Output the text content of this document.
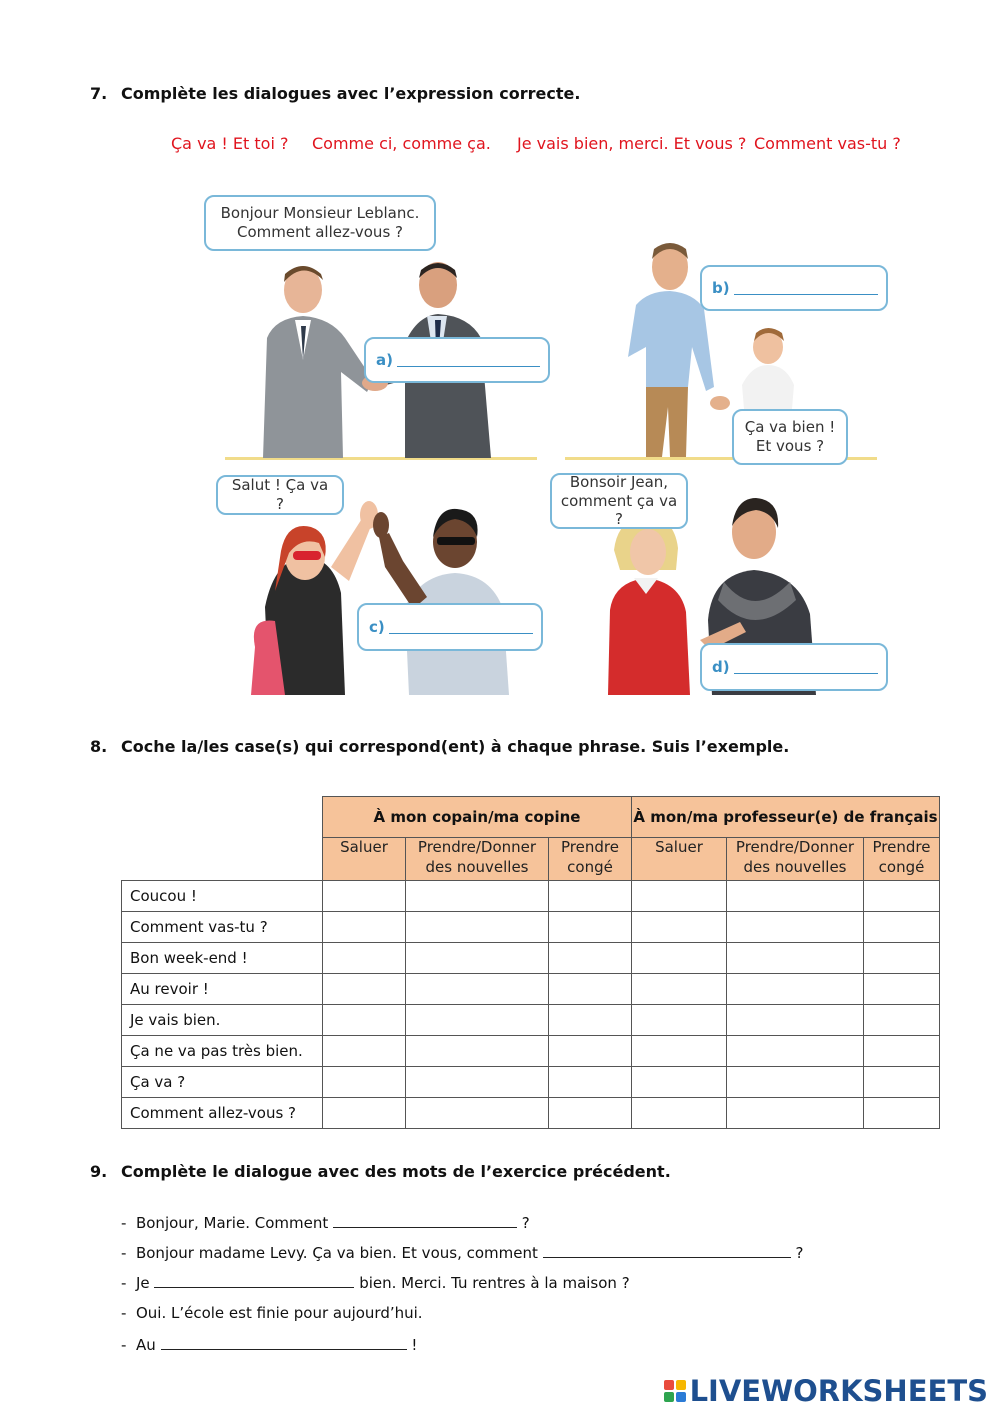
7. Complète les dialogues avec l’expression correcte.
Ça va ! Et toi ? Comme ci, comme ça. Je vais bien, merci. Et vous ? Comment vas-tu ?
Bonjour Monsieur Leblanc.
Comment allez-vous ?
a)
b)
Ça va bien !
Et vous ?
Salut ! Ça va ?
Bonsoir Jean,
comment ça va ?
c)
d)
8. Coche la/les case(s) qui correspond(ent) à chaque phrase. Suis l’exemple.
	À mon copain/ma copine			À mon/ma professeur(e) de français		
	Saluer	Prendre/Donner des nouvelles	Prendre congé	Saluer	Prendre/Donner des nouvelles	Prendre congé
Coucou !						
Comment vas-tu ?						
Bon week-end !						
Au revoir !						
Je vais bien.						
Ça ne va pas très bien.						
Ça va ?						
Comment allez-vous ?						
9. Complète le dialogue avec des mots de l’exercice précédent.
- Bonjour, Marie. Comment	?
- Bonjour madame Levy. Ça va bien. Et vous, comment	?
- Je	bien. Merci. Tu rentres à la maison ?
- Oui. L’école est finie pour aujourd’hui.
- Au	!
LIVEWORKSHEETS
